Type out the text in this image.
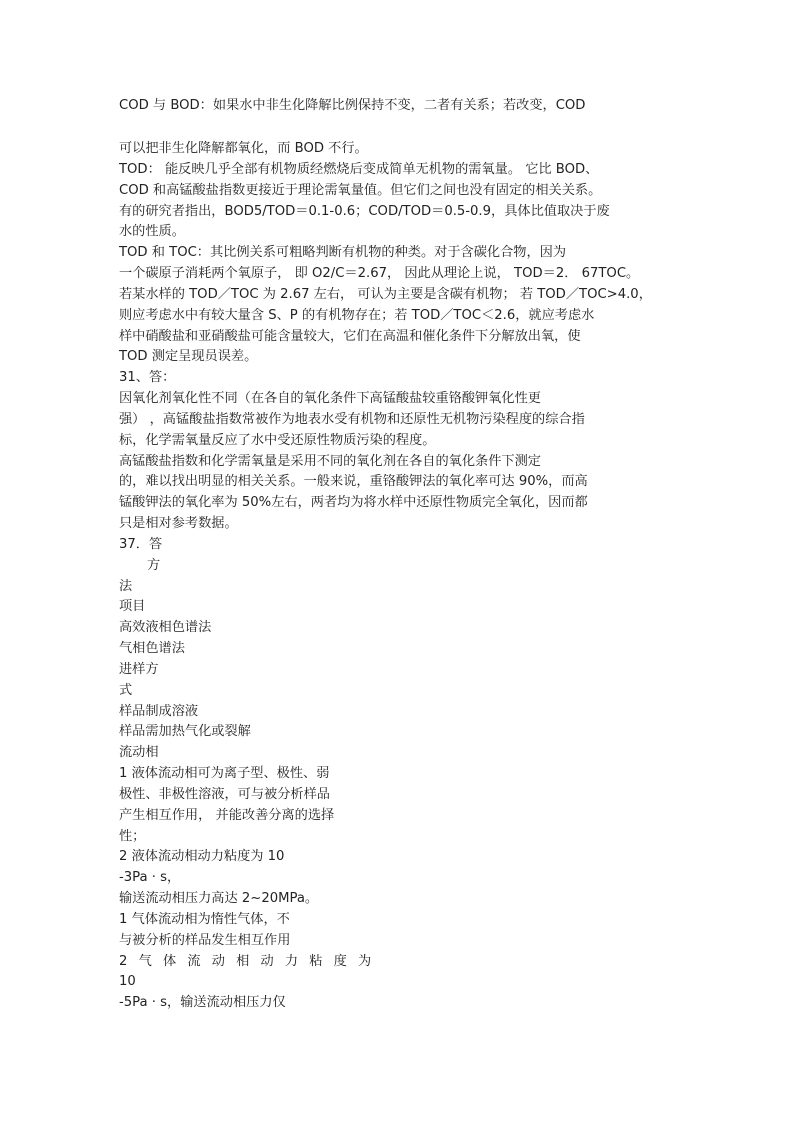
COD 与 BOD：如果水中非生化降解比例保持不变，二者有关系；若改变，COD
可以把非生化降解都氧化，而 BOD 不行。
TOD： 能反映几乎全部有机物质经燃烧后变成简单无机物的需氧量。 它比 BOD、
COD 和高锰酸盐指数更接近于理论需氧量值。但它们之间也没有固定的相关关系。
有的研究者指出，BOD5/TOD＝0.1-0.6；COD/TOD＝0.5-0.9，具体比值取决于废
水的性质。
TOD 和 TOC：其比例关系可粗略判断有机物的种类。对于含碳化合物，因为
一个碳原子消耗两个氧原子， 即 O2/C＝2.67， 因此从理论上说， TOD＝2． 67TOC。
若某水样的 TOD／TOC 为 2.67 左右， 可认为主要是含碳有机物； 若 TOD／TOC>4.0，
则应考虑水中有较大量含 S、P 的有机物存在；若 TOD／TOC＜2.6，就应考虑水
样中硝酸盐和亚硝酸盐可能含量较大，它们在高温和催化条件下分解放出氧，使
TOD 测定呈现员误差。
31、答：
因氧化剂氧化性不同（在各自的氧化条件下高锰酸盐较重铬酸钾氧化性更
强） ，高锰酸盐指数常被作为地表水受有机物和还原性无机物污染程度的综合指
标，化学需氧量反应了水中受还原性物质污染的程度。
高锰酸盐指数和化学需氧量是采用不同的氧化剂在各自的氧化条件下测定
的，难以找出明显的相关关系。一般来说，重铬酸钾法的氧化率可达 90%，而高
锰酸钾法的氧化率为 50%左右，两者均为将水样中还原性物质完全氧化，因而都
只是相对参考数据。
37．答
方
法
项目
高效液相色谱法
气相色谱法
进样方
式
样品制成溶液
样品需加热气化或裂解
流动相
1 液体流动相可为离子型、极性、弱
极性、非极性溶液，可与被分析样品
产生相互作用， 并能改善分离的选择
性；
2 液体流动相动力粘度为 10
-3Pa · s，
输送流动相压力高达 2~20MPa。
1 气体流动相为惰性气体，不
与被分析的样品发生相互作用
2 气 体 流 动 相 动 力 粘 度 为
10
-5Pa · s，输送流动相压力仅
